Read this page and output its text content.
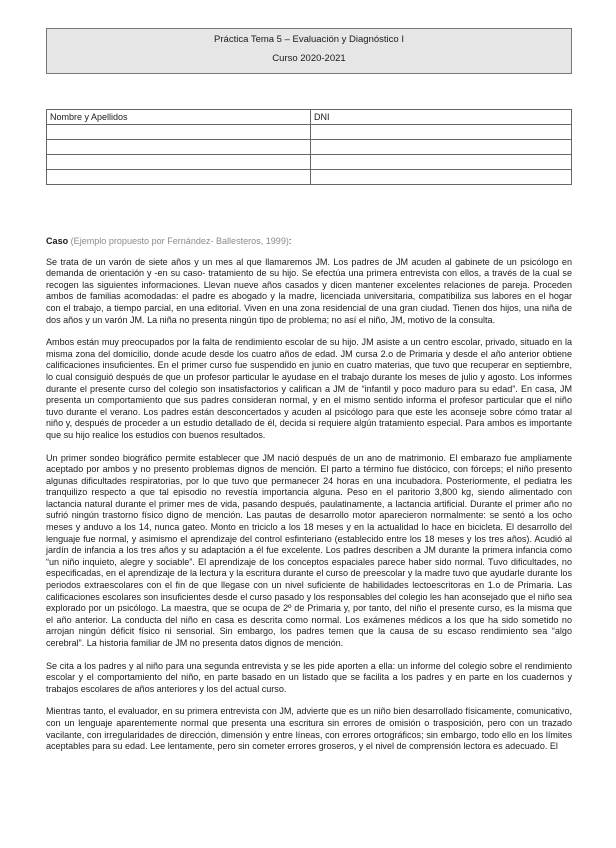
Práctica Tema 5 – Evaluación y Diagnóstico I
Curso 2020-2021
Nombre y Apellidos	DNI

Caso (Ejemplo propuesto por Fernández- Ballesteros, 1999):

Se trata de un varón de siete años y un mes al que llamaremos JM. Los padres de JM acuden al gabinete de un psicólogo en demanda de orientación y -en su caso- tratamiento de su hijo. Se efectúa una primera entrevista con ellos, a través de la cual se recogen las siguientes informaciones. Llevan nueve años casados y dicen mantener excelentes relaciones de pareja. Proceden ambos de familias acomodadas: el padre es abogado y la madre, licenciada universitaria, compatibiliza sus labores en el hogar con el trabajo, a tiempo parcial, en una editorial. Viven en una zona residencial de una gran ciudad. Tienen dos hijos, una niña de dos años y un varón JM. La niña no presenta ningún tipo de problema; no así el niño, JM, motivo de la consulta.

Ambos están muy preocupados por la falta de rendimiento escolar de su hijo. JM asiste a un centro escolar, privado, situado en la misma zona del domicilio, donde acude desde los cuatro años de edad. JM cursa 2.o de Primaria y desde el año anterior obtiene calificaciones insuficientes. En el primer curso fue suspendido en junio en cuatro materias, que tuvo que recuperar en septiembre, lo cual consiguió después de que un profesor particular le ayudase en el trabajo durante los meses de julio y agosto. Los informes durante el presente curso del colegio son insatisfactorios y califican a JM de “infantil y poco maduro para su edad”. En casa, JM presenta un comportamiento que sus padres consideran normal, y en el mismo sentido informa el profesor particular que el niño tuvo durante el verano. Los padres están desconcertados y acuden al psicólogo para que este les aconseje sobre cómo tratar al niño y, después de proceder a un estudio detallado de él, decida si requiere algún tratamiento especial. Para ambos es importante que su hijo realice los estudios con buenos resultados.

Un primer sondeo biográfico permite establecer que JM nació después de un ano de matrimonio. El embarazo fue ampliamente aceptado por ambos y no presento problemas dignos de mención. El parto a término fue distócico, con fórceps; el niño presento algunas dificultades respiratorias, por lo que tuvo que permanecer 24 horas en una incubadora. Posteriormente, el pediatra les tranquilizo respecto a que tal episodio no revestía importancia alguna. Peso en el paritorio 3,800 kg, siendo alimentado con lactancia natural durante el primer mes de vida, pasando después, paulatinamente, a lactancia artificial. Durante el primer año no sufrió ningún trastorno físico digno de mención. Las pautas de desarrollo motor aparecieron normalmente: se sentó a los ocho meses y anduvo a los 14, nunca gateo. Monto en triciclo a los 18 meses y en la actualidad lo hace en bicicleta. El desarrollo del lenguaje fue normal, y asimismo el aprendizaje del control esfinteriano (establecido entre los 18 meses y los tres años). Acudió al jardín de infancia a los tres años y su adaptación a él fue excelente. Los padres describen a JM durante la primera infancia como “un niño inquieto, alegre y sociable”. El aprendizaje de los conceptos espaciales parece haber sido normal. Tuvo dificultades, no especificadas, en el aprendizaje de la lectura y la escritura durante el curso de preescolar y la madre tuvo que ayudarle durante los periodos extraescolares con el fin de que llegase con un nivel suficiente de habilidades lectoescritoras en 1.o de Primaria. Las calificaciones escolares son insuficientes desde el curso pasado y los responsables del colegio les han aconsejado que el niño sea explorado por un psicólogo. La maestra, que se ocupa de 2º de Primaria y, por tanto, del niño el presente curso, es la misma que el año anterior. La conducta del niño en casa es descrita como normal. Los exámenes médicos a los que ha sido sometido no arrojan ningún déficit físico ni sensorial. Sin embargo, los padres temen que la causa de su escaso rendimiento sea “algo cerebral”. La historia familiar de JM no presenta datos dignos de mención.

Se cita a los padres y al niño para una segunda entrevista y se les pide aporten a ella: un informe del colegio sobre el rendimiento escolar y el comportamiento del niño, en parte basado en un listado que se facilita a los padres y en parte en los cuadernos y trabajos escolares de años anteriores y los del actual curso.

Mientras tanto, el evaluador, en su primera entrevista con JM, advierte que es un niño bien desarrollado físicamente, comunicativo, con un lenguaje aparentemente normal que presenta una escritura sin errores de omisión o trasposición, pero con un trazado vacilante, con irregularidades de dirección, dimensión y entre líneas, con errores ortográficos; sin embargo, todo ello en los límites aceptables para su edad. Lee lentamente, pero sin cometer errores groseros, y el nivel de comprensión lectora es adecuado. El
